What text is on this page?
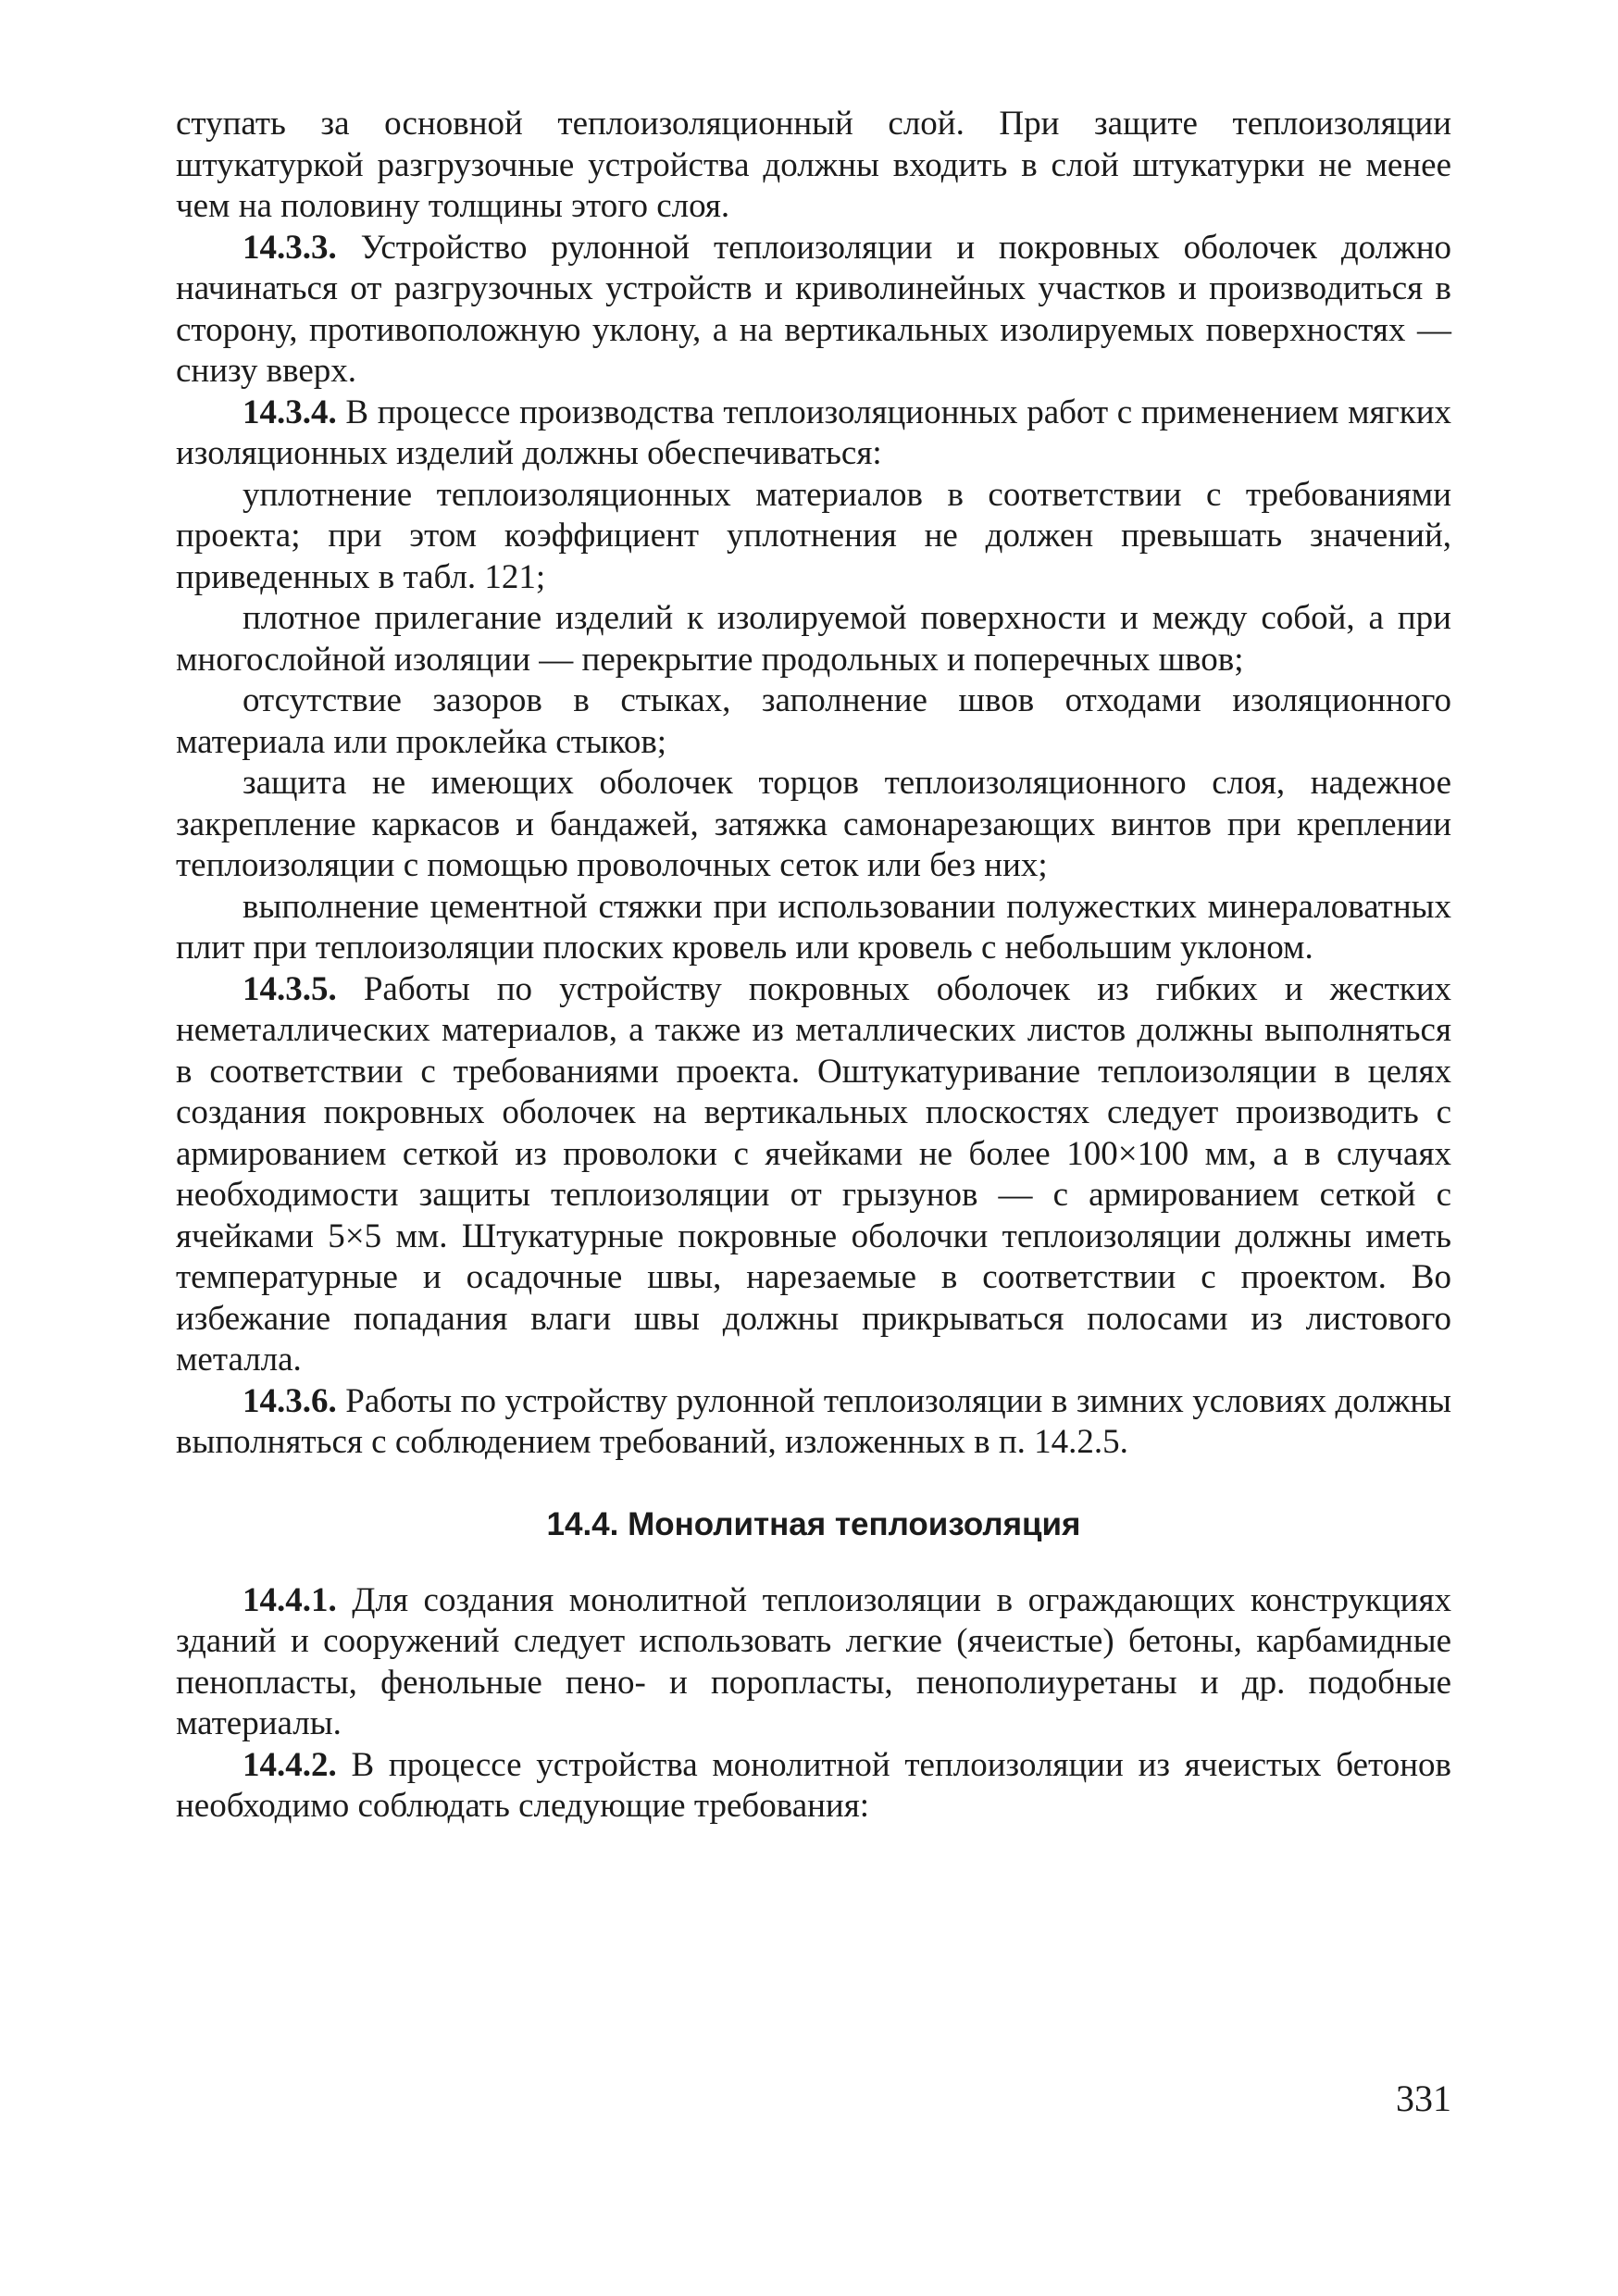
ступать за основной теплоизоляционный слой. При защите теплоизоляции штукатуркой разгрузочные устройства должны входить в слой штукатурки не менее чем на половину толщины этого слоя.

14.3.3. Устройство рулонной теплоизоляции и покровных оболочек должно начинаться от разгрузочных устройств и криволинейных участков и производиться в сторону, противоположную уклону, а на вертикальных изолируемых поверхностях — снизу вверх.

14.3.4. В процессе производства теплоизоляционных работ с применением мягких изоляционных изделий должны обеспечиваться:

уплотнение теплоизоляционных материалов в соответствии с требованиями проекта; при этом коэффициент уплотнения не должен превышать значений, приведенных в табл. 121;

плотное прилегание изделий к изолируемой поверхности и между собой, а при многослойной изоляции — перекрытие продольных и поперечных швов;

отсутствие зазоров в стыках, заполнение швов отходами изоляционного материала или проклейка стыков;

защита не имеющих оболочек торцов теплоизоляционного слоя, надежное закрепление каркасов и бандажей, затяжка самонарезающих винтов при креплении теплоизоляции с помощью проволочных сеток или без них;

выполнение цементной стяжки при использовании полужестких минераловатных плит при теплоизоляции плоских кровель или кровель с небольшим уклоном.

14.3.5. Работы по устройству покровных оболочек из гибких и жестких неметаллических материалов, а также из металлических листов должны выполняться в соответствии с требованиями проекта. Оштукатуривание теплоизоляции в целях создания покровных оболочек на вертикальных плоскостях следует производить с армированием сеткой из проволоки с ячейками не более 100×100 мм, а в случаях необходимости защиты теплоизоляции от грызунов — с армированием сеткой с ячейками 5×5 мм. Штукатурные покровные оболочки теплоизоляции должны иметь температурные и осадочные швы, нарезаемые в соответствии с проектом. Во избежание попадания влаги швы должны прикрываться полосами из листового металла.

14.3.6. Работы по устройству рулонной теплоизоляции в зимних условиях должны выполняться с соблюдением требований, изложенных в п. 14.2.5.

14.4. Монолитная теплоизоляция

14.4.1. Для создания монолитной теплоизоляции в ограждающих конструкциях зданий и сооружений следует использовать легкие (ячеистые) бетоны, карбамидные пенопласты, фенольные пено- и поропласты, пенополиуретаны и др. подобные материалы.

14.4.2. В процессе устройства монолитной теплоизоляции из ячеистых бетонов необходимо соблюдать следующие требования:

331
